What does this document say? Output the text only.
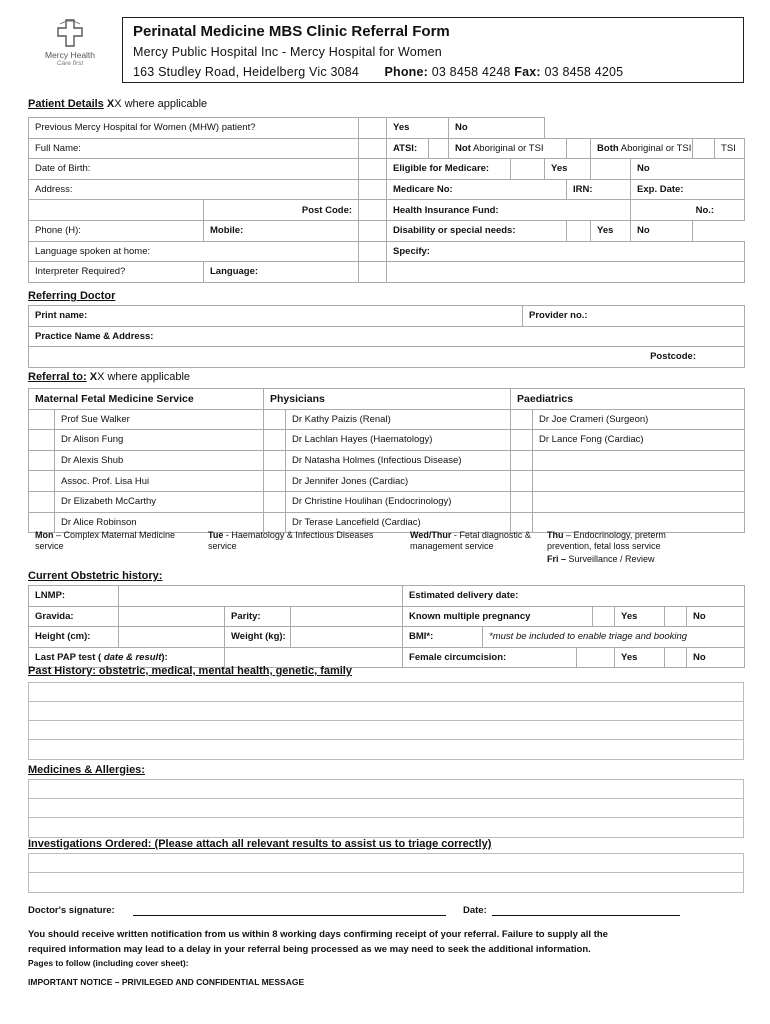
Mercy Health
Care first
Perinatal Medicine MBS Clinic Referral Form
Mercy Public Hospital Inc - Mercy Hospital for Women
163 Studley Road, Heidelberg Vic 3084 Phone: 03 8458 4248 Fax: 03 8458 4205
Patient Details XX where applicable
Previous Mercy Hospital for Women (MHW) patient?			Yes		No							
Full Name:			ATSI:		Not Aboriginal or TSI				Both Aboriginal or TSI			TSI
Date of Birth:			Eligible for Medicare:				Yes			No		
Address:			Medicare No:					IRN:		Exp. Date:		
	Post Code:		Health Insurance Fund:							No.:		
Phone (H):	Mobile:		Disability or special needs:						Yes	No		
Language spoken at home:			Specify:									
Interpreter Required?	Language:											
Referring Doctor
Print name:	Provider no.:
Practice Name & Address:
Postcode:
Referral to: XX where applicable
Maternal Fetal Medicine Service		Physicians		Paediatrics	
	Prof Sue Walker		Dr Kathy Paizis (Renal)		Dr Joe Crameri (Surgeon)
	Dr Alison Fung		Dr Lachlan Hayes (Haematology)		Dr Lance Fong (Cardiac)
	Dr Alexis Shub		Dr Natasha Holmes (Infectious Disease)		
	Assoc. Prof. Lisa Hui		Dr Jennifer Jones (Cardiac)		
	Dr Elizabeth McCarthy		Dr Christine Houlihan (Endocrinology)		
	Dr Alice Robinson		Dr Terase Lancefield (Cardiac)		
Mon – Complex Maternal Medicine service
Tue - Haematology & Infectious Diseases service
Wed/Thur - Fetal diagnostic & management service
Thu – Endocrinology, preterm prevention, fetal loss service
Fri – Surveillance / Review
Current Obstetric history:
LNMP:				Estimated delivery date:						
Gravida:		Parity:		Known multiple pregnancy				Yes		No
Height (cm):		Weight (kg):		BMI*:	*must be included to enable triage and booking					
Last PAP test ( date & result):				Female circumcision:				Yes		No
Past History: obstetric, medical, mental health, genetic, family
Medicines & Allergies:
Investigations Ordered: (Please attach all relevant results to assist us to triage correctly)
Doctor's signature:	Date:
You should receive written notification from us within 8 working days confirming receipt of your referral. Failure to supply all the
required information may lead to a delay in your referral being processed as we may need to seek the additional information.
Pages to follow (including cover sheet):
IMPORTANT NOTICE – PRIVILEGED AND CONFIDENTIAL MESSAGE
